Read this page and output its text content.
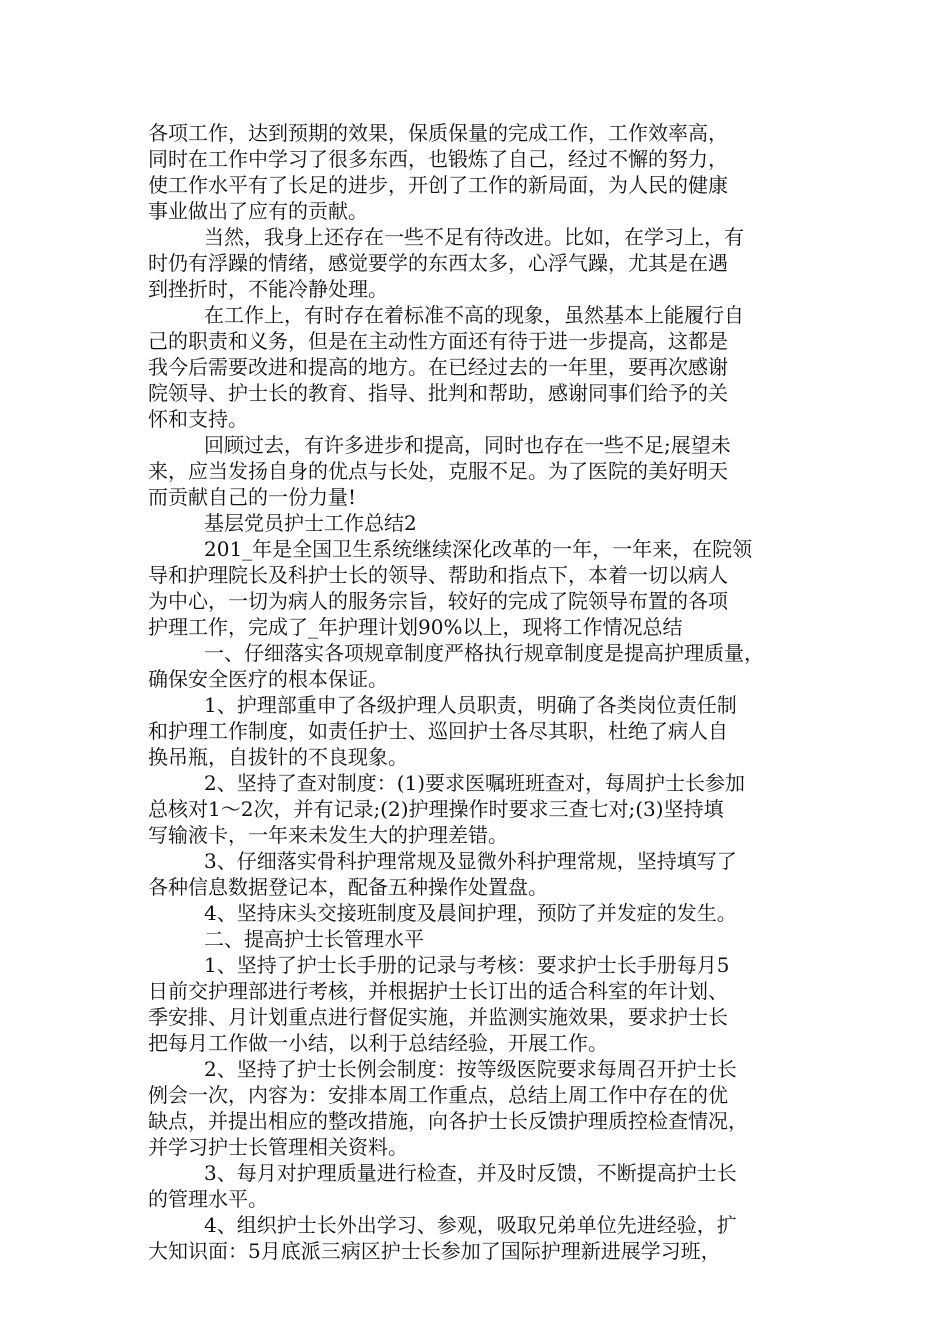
各项工作，达到预期的效果，保质保量的完成工作，工作效率高，
同时在工作中学习了很多东西，也锻炼了自己，经过不懈的努力，
使工作水平有了长足的进步，开创了工作的新局面，为人民的健康
事业做出了应有的贡献。
当然，我身上还存在一些不足有待改进。比如，在学习上，有
时仍有浮躁的情绪，感觉要学的东西太多，心浮气躁，尤其是在遇
到挫折时，不能冷静处理。
在工作上，有时存在着标准不高的现象，虽然基本上能履行自
己的职责和义务，但是在主动性方面还有待于进一步提高，这都是
我今后需要改进和提高的地方。在已经过去的一年里，要再次感谢
院领导、护士长的教育、指导、批判和帮助，感谢同事们给予的关
怀和支持。
回顾过去，有许多进步和提高，同时也存在一些不足;展望未
来，应当发扬自身的优点与长处，克服不足。为了医院的美好明天
而贡献自己的一份力量!
基层党员护士工作总结2
201_年是全国卫生系统继续深化改革的一年，一年来，在院领
导和护理院长及科护士长的领导、帮助和指点下，本着一切以病人
为中心，一切为病人的服务宗旨，较好的完成了院领导布置的各项
护理工作，完成了_年护理计划90%以上，现将工作情况总结
一、仔细落实各项规章制度严格执行规章制度是提高护理质量，
确保安全医疗的根本保证。
1、护理部重申了各级护理人员职责，明确了各类岗位责任制
和护理工作制度，如责任护士、巡回护士各尽其职，杜绝了病人自
换吊瓶，自拔针的不良现象。
2、坚持了查对制度：(1)要求医嘱班班查对，每周护士长参加
总核对1～2次，并有记录;(2)护理操作时要求三查七对;(3)坚持填
写输液卡，一年来未发生大的护理差错。
3、仔细落实骨科护理常规及显微外科护理常规，坚持填写了
各种信息数据登记本，配备五种操作处置盘。
4、坚持床头交接班制度及晨间护理，预防了并发症的发生。
二、提高护士长管理水平
1、坚持了护士长手册的记录与考核：要求护士长手册每月5
日前交护理部进行考核，并根据护士长订出的适合科室的年计划、
季安排、月计划重点进行督促实施，并监测实施效果，要求护士长
把每月工作做一小结，以利于总结经验，开展工作。
2、坚持了护士长例会制度：按等级医院要求每周召开护士长
例会一次，内容为：安排本周工作重点，总结上周工作中存在的优
缺点，并提出相应的整改措施，向各护士长反馈护理质控检查情况，
并学习护士长管理相关资料。
3、每月对护理质量进行检查，并及时反馈，不断提高护士长
的管理水平。
4、组织护士长外出学习、参观，吸取兄弟单位先进经验，扩
大知识面：5月底派三病区护士长参加了国际护理新进展学习班，
